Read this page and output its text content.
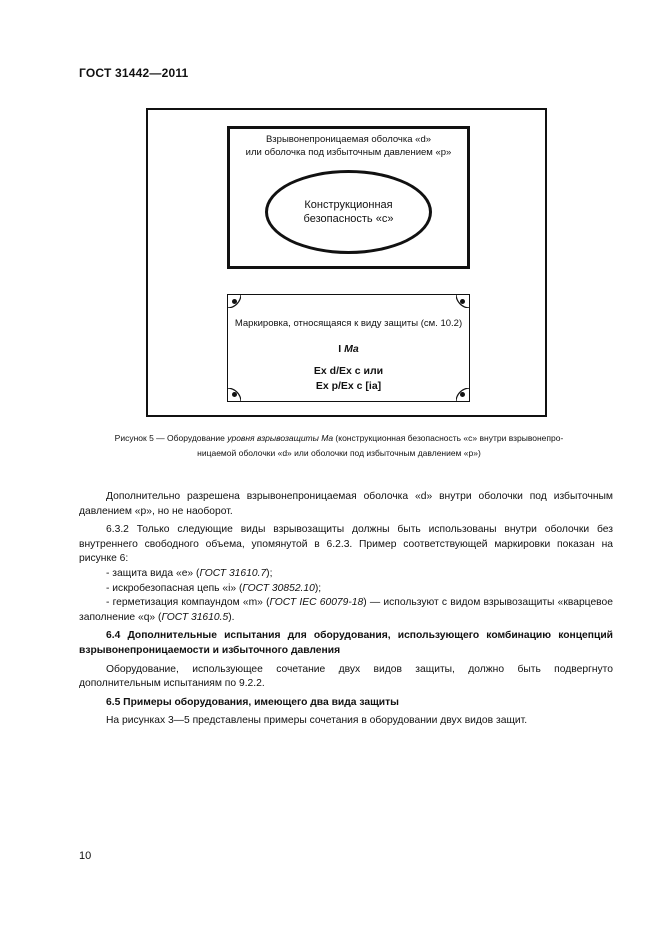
ГОСТ 31442—2011
Взрывонепроницаемая оболочка «d»
или оболочка под избыточным давлением «р»
Конструкционная
безопасность «с»
Маркировка, относящаяся к виду защиты (см. 10.2)
I Ma
Ex d/Ex c или
Ex p/Ex c [ia]
Рисунок 5 — Оборудование уровня взрывозащиты Ma (конструкционная безопасность «с» внутри взрывонепро-
ницаемой оболочки «d» или оболочки под избыточным давлением «р»)

Дополнительно разрешена взрывонепроницаемая оболочка «d» внутри оболочки под избыточным давлением «р», но не наоборот.

6.3.2 Только следующие виды взрывозащиты должны быть использованы внутри оболочки без внутреннего свободного объема, упомянутой в 6.2.3. Пример соответствующей маркировки показан на рисунке 6:

- защита вида «е» (ГОСТ 31610.7);

- искробезопасная цепь «i» (ГОСТ 30852.10);

- герметизация компаундом «m» (ГОСТ IEC 60079-18) — используют с видом взрывозащиты «кварцевое заполнение «q» (ГОСТ 31610.5).

6.4 Дополнительные испытания для оборудования, использующего комбинацию концепций взрывонепроницаемости и избыточного давления

Оборудование, использующее сочетание двух видов защиты, должно быть подвергнуто дополнительным испытаниям по 9.2.2.

6.5 Примеры оборудования, имеющего два вида защиты

На рисунках 3—5 представлены примеры сочетания в оборудовании двух видов защит.

10
